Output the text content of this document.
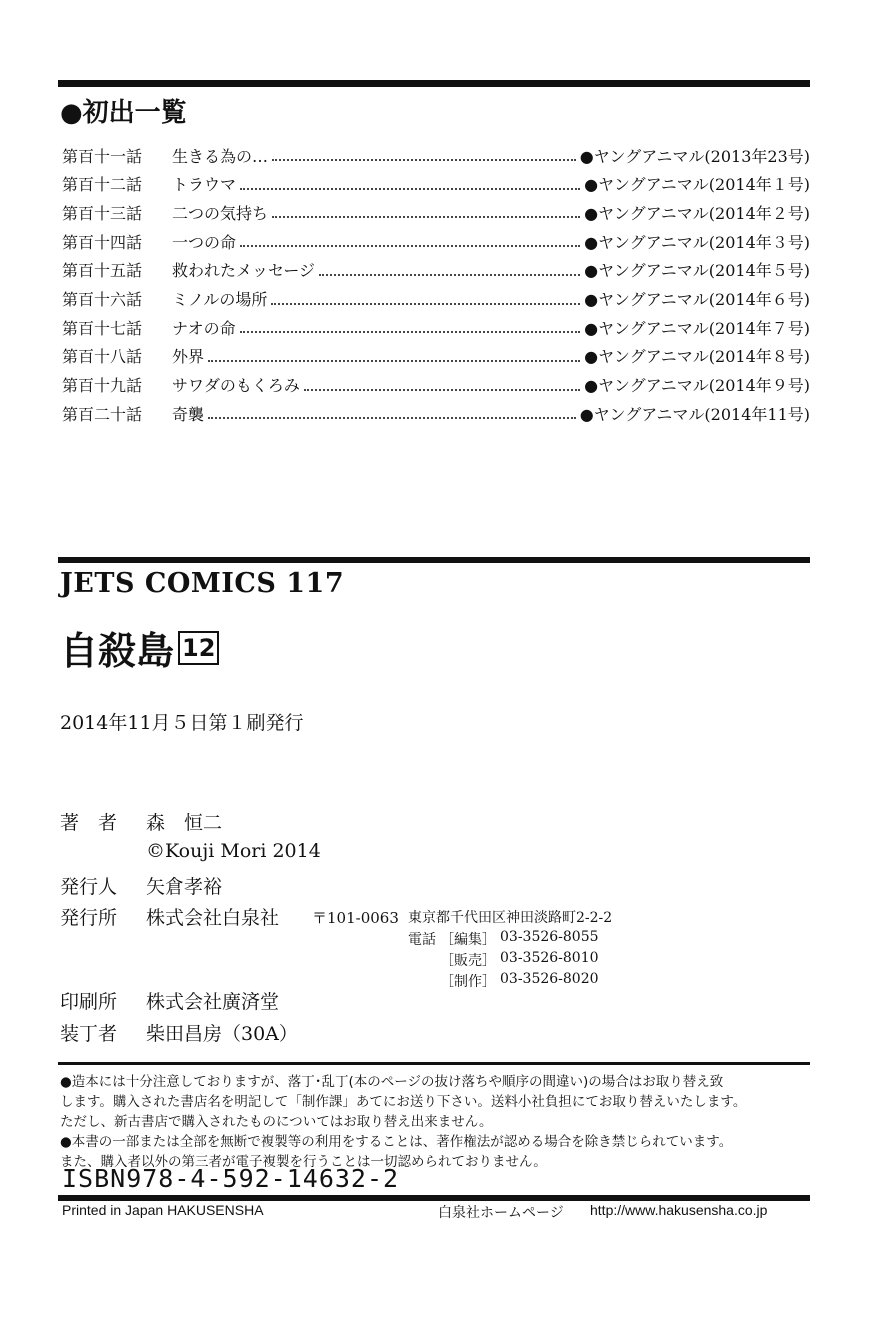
●初出一覧
第百十一話	生きる為の…	●ヤングアニマル(2013年23号)
第百十二話	トラウマ	●ヤングアニマル(2014年１号)
第百十三話	二つの気持ち	●ヤングアニマル(2014年２号)
第百十四話	一つの命	●ヤングアニマル(2014年３号)
第百十五話	救われたメッセージ	●ヤングアニマル(2014年５号)
第百十六話	ミノルの場所	●ヤングアニマル(2014年６号)
第百十七話	ナオの命	●ヤングアニマル(2014年７号)
第百十八話	外界	●ヤングアニマル(2014年８号)
第百十九話	サワダのもくろみ	●ヤングアニマル(2014年９号)
第百二十話	奇襲	●ヤングアニマル(2014年11号)
JETS COMICS 117
自殺島 12
2014年11月５日第１刷発行
著　者 森　恒二
©Kouji Mori 2014
発行人 矢倉孝裕
発行所 株式会社白泉社 〒101-0063 東京都千代田区神田淡路町2-2-2
電話 ［編集］ 03-3526-8055
［販売］ 03-3526-8010
［制作］ 03-3526-8020
印刷所 株式会社廣済堂
装丁者 柴田昌房（30A）
●造本には十分注意しておりますが、落丁･乱丁(本のページの抜け落ちや順序の間違い)の場合はお取り替え致
します。購入された書店名を明記して「制作課」あてにお送り下さい。送料小社負担にてお取り替えいたします。
ただし、新古書店で購入されたものについてはお取り替え出来ません。
●本書の一部または全部を無断で複製等の利用をすることは、著作権法が認める場合を除き禁じられています。
また、購入者以外の第三者が電子複製を行うことは一切認められておりません。
ISBN978-4-592-14632-2
Printed in Japan HAKUSENSHA	白泉社ホームページ http://www.hakusensha.co.jp
